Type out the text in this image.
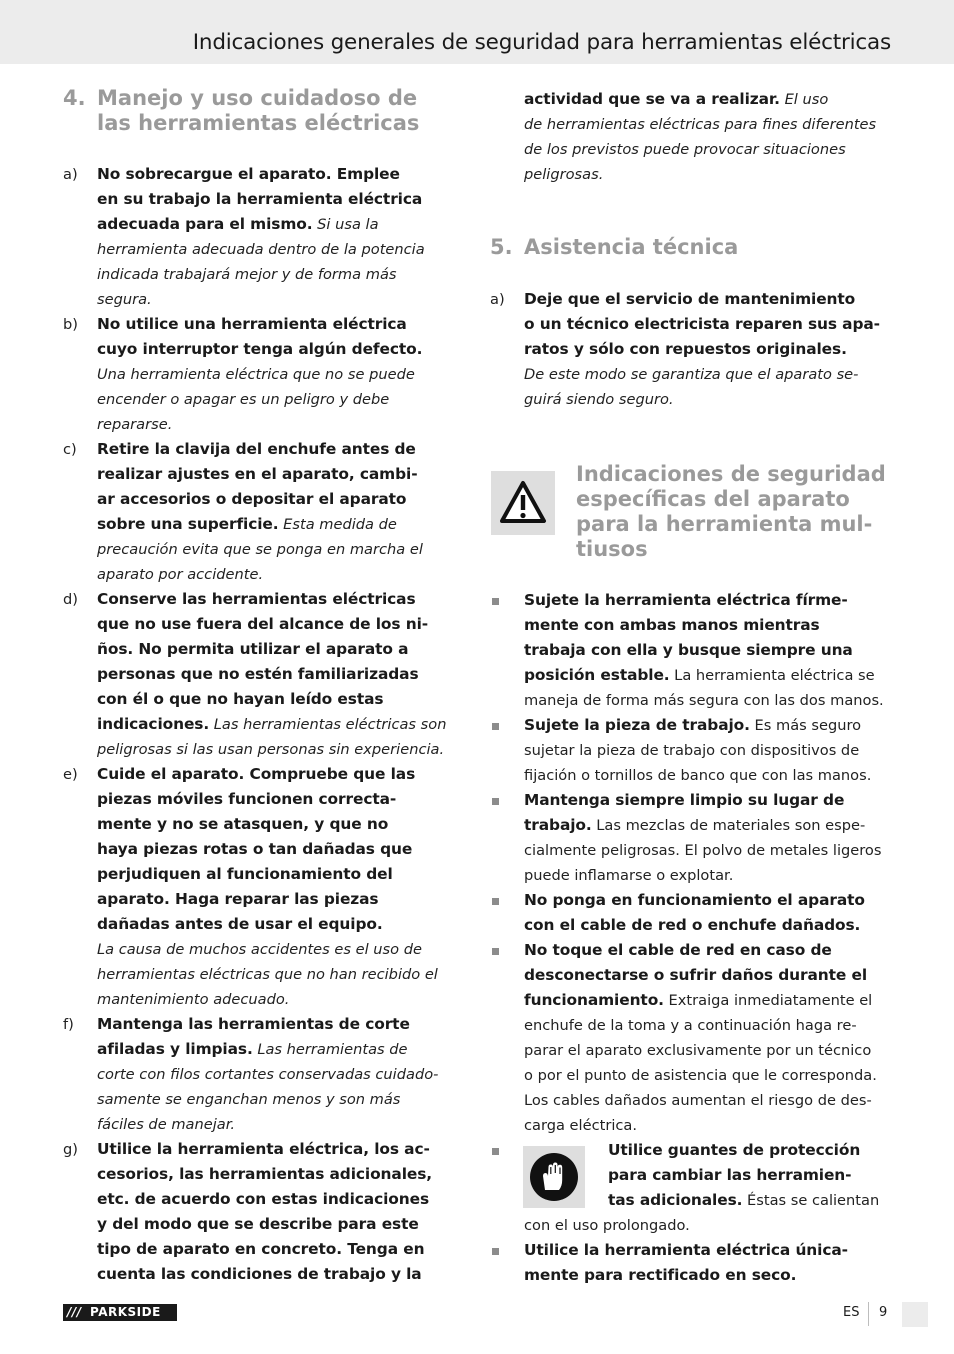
Indicaciones generales de seguridad para herramientas eléctricas
4. Manejo y uso cuidadoso de
las herramientas eléctricas
a) No sobrecargue el aparato. Emplee
en su trabajo la herramienta eléctrica
adecuada para el mismo. Si usa la
herramienta adecuada dentro de la potencia
indicada trabajará mejor y de forma más
segura.
b) No utilice una herramienta eléctrica
cuyo interruptor tenga algún defecto.
Una herramienta eléctrica que no se puede
encender o apagar es un peligro y debe
repararse.
c) Retire la clavija del enchufe antes de
realizar ajustes en el aparato, cambi-
ar accesorios o depositar el aparato
sobre una superficie. Esta medida de
precaución evita que se ponga en marcha el
aparato por accidente.
d) Conserve las herramientas eléctricas
que no use fuera del alcance de los ni-
ños. No permita utilizar el aparato a
personas que no estén familiarizadas
con él o que no hayan leído estas
indicaciones. Las herramientas eléctricas son
peligrosas si las usan personas sin experiencia.
e) Cuide el aparato. Compruebe que las
piezas móviles funcionen correcta-
mente y no se atasquen, y que no
haya piezas rotas o tan dañadas que
perjudiquen al funcionamiento del
aparato. Haga reparar las piezas
dañadas antes de usar el equipo.
La causa de muchos accidentes es el uso de
herramientas eléctricas que no han recibido el
mantenimiento adecuado.
f) Mantenga las herramientas de corte
afiladas y limpias. Las herramientas de
corte con filos cortantes conservadas cuidado-
samente se enganchan menos y son más
fáciles de manejar.
g) Utilice la herramienta eléctrica, los ac-
cesorios, las herramientas adicionales,
etc. de acuerdo con estas indicaciones
y del modo que se describe para este
tipo de aparato en concreto. Tenga en
cuenta las condiciones de trabajo y la
actividad que se va a realizar. El uso
de herramientas eléctricas para fines diferentes
de los previstos puede provocar situaciones
peligrosas.
5. Asistencia técnica
a) Deje que el servicio de mantenimiento
o un técnico electricista reparen sus apa-
ratos y sólo con repuestos originales.
De este modo se garantiza que el aparato se-
guirá siendo seguro.
Indicaciones de seguridad
específicas del aparato
para la herramienta mul-
tiusos
Sujete la herramienta eléctrica fírme-
mente con ambas manos mientras
trabaja con ella y busque siempre una
posición estable. La herramienta eléctrica se
maneja de forma más segura con las dos manos.
Sujete la pieza de trabajo. Es más seguro
sujetar la pieza de trabajo con dispositivos de
fijación o tornillos de banco que con las manos.
Mantenga siempre limpio su lugar de
trabajo. Las mezclas de materiales son espe-
cialmente peligrosas. El polvo de metales ligeros
puede inflamarse o explotar.
No ponga en funcionamiento el aparato
con el cable de red o enchufe dañados.
No toque el cable de red en caso de
desconectarse o sufrir daños durante el
funcionamiento. Extraiga inmediatamente el
enchufe de la toma y a continuación haga re-
parar el aparato exclusivamente por un técnico
o por el punto de asistencia que le corresponda.
Los cables dañados aumentan el riesgo de des-
carga eléctrica.
Utilice guantes de protección
para cambiar las herramien-
tas adicionales. Éstas se calientan
con el uso prolongado.
Utilice la herramienta eléctrica única-
mente para rectificado en seco.
/// PARKSIDE	ES 9
